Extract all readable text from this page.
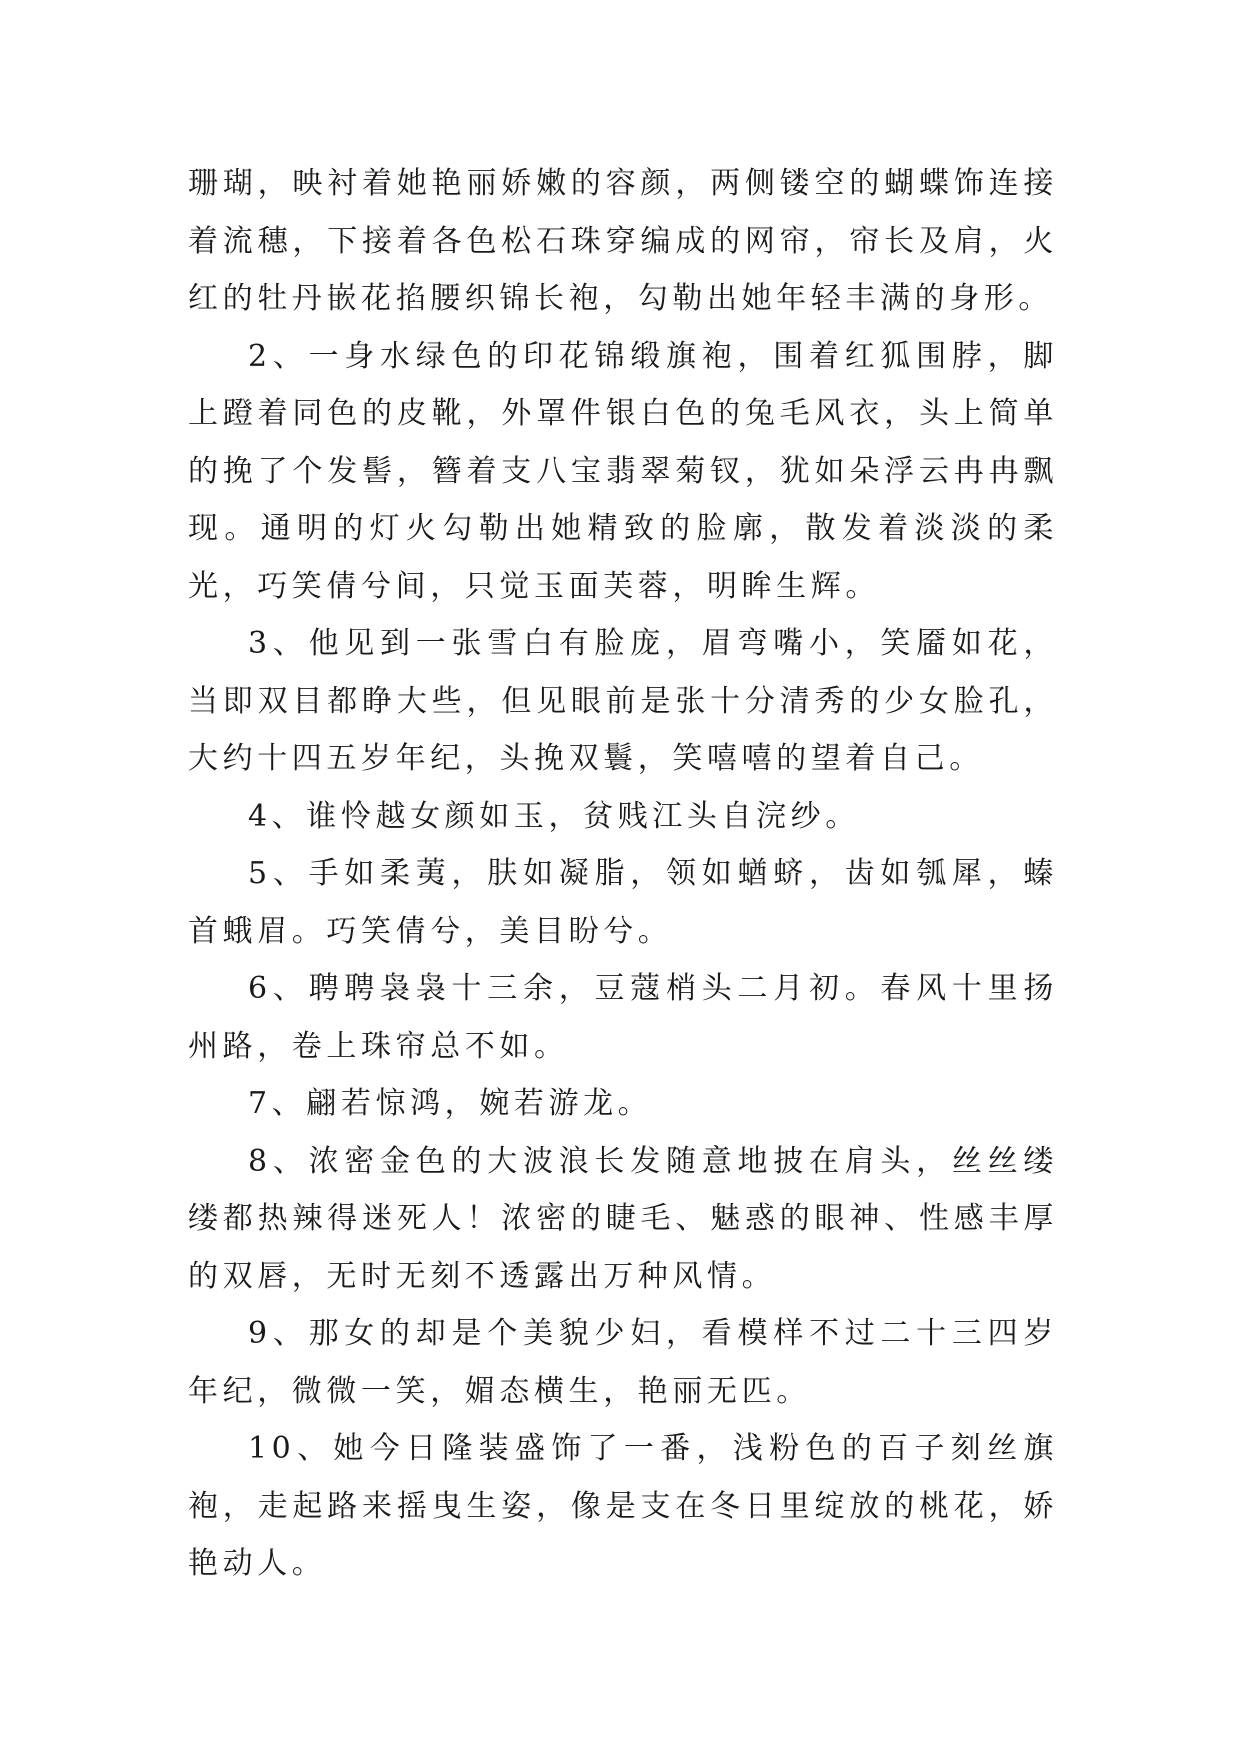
珊瑚，映衬着她艳丽娇嫩的容颜，两侧镂空的蝴蝶饰连接着流穗，下接着各色松石珠穿编成的网帘，帘长及肩，火红的牡丹嵌花掐腰织锦长袍，勾勒出她年轻丰满的身形。

2、一身水绿色的印花锦缎旗袍，围着红狐围脖，脚上蹬着同色的皮靴，外罩件银白色的兔毛风衣，头上简单的挽了个发髻，簪着支八宝翡翠菊钗，犹如朵浮云冉冉飘现。通明的灯火勾勒出她精致的脸廓，散发着淡淡的柔光，巧笑倩兮间，只觉玉面芙蓉，明眸生辉。

3、他见到一张雪白有脸庞，眉弯嘴小，笑靥如花，当即双目都睁大些，但见眼前是张十分清秀的少女脸孔，大约十四五岁年纪，头挽双鬟，笑嘻嘻的望着自己。

4、谁怜越女颜如玉，贫贱江头自浣纱。

5、手如柔荑，肤如凝脂，领如蝤蛴，齿如瓠犀，螓首蛾眉。巧笑倩兮，美目盼兮。

6、聘聘袅袅十三余，豆蔻梢头二月初。春风十里扬州路，卷上珠帘总不如。

7、翩若惊鸿，婉若游龙。

8、浓密金色的大波浪长发随意地披在肩头，丝丝缕缕都热辣得迷死人！浓密的睫毛、魅惑的眼神、性感丰厚的双唇，无时无刻不透露出万种风情。

9、那女的却是个美貌少妇，看模样不过二十三四岁年纪，微微一笑，媚态横生，艳丽无匹。

10、她今日隆装盛饰了一番，浅粉色的百子刻丝旗袍，走起路来摇曳生姿，像是支在冬日里绽放的桃花，娇艳动人。
